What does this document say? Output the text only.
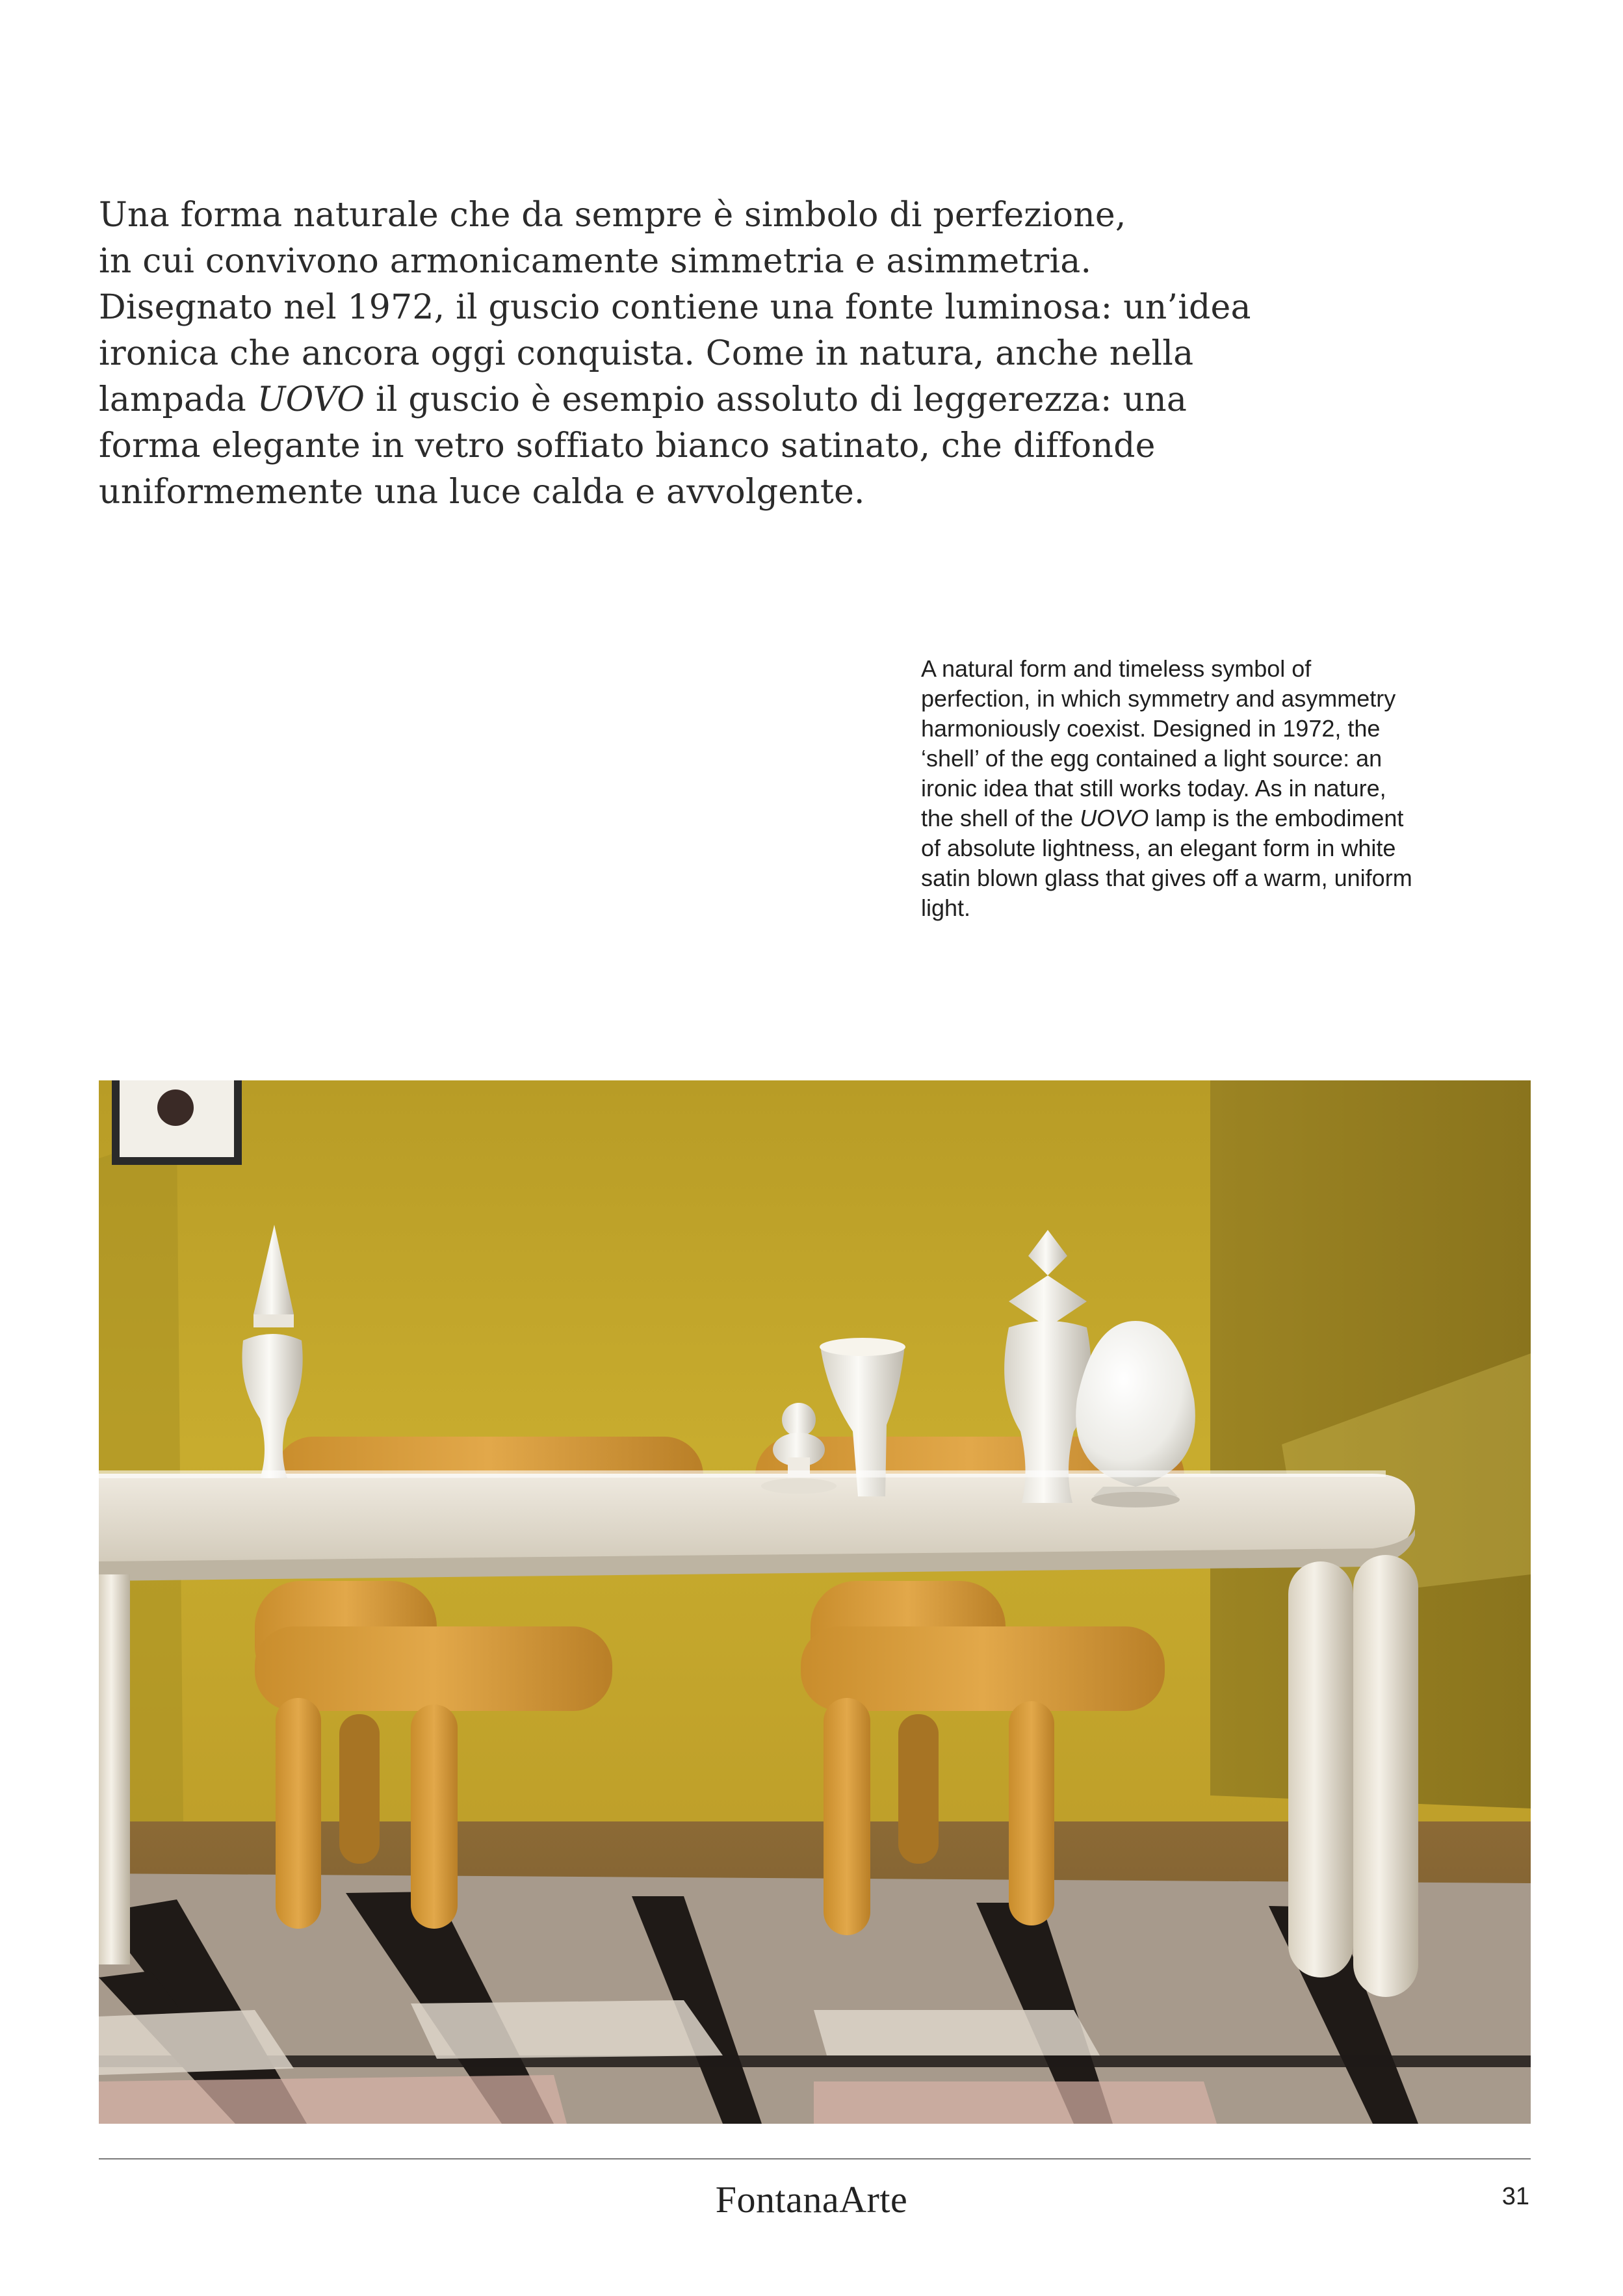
Una forma naturale che da sempre è simbolo di perfezione,
in cui convivono armonicamente simmetria e asimmetria.
Disegnato nel 1972, il guscio contiene una fonte luminosa: un’idea
ironica che ancora oggi conquista. Come in natura, anche nella
lampada UOVO il guscio è esempio assoluto di leggerezza: una
forma elegante in vetro soffiato bianco satinato, che diffonde
uniformemente una luce calda e avvolgente.
A natural form and timeless symbol of
perfection, in which symmetry and asymmetry
harmoniously coexist. Designed in 1972, the
‘shell’ of the egg contained a light source: an
ironic idea that still works today. As in nature,
the shell of the UOVO lamp is the embodiment
of absolute lightness, an elegant form in white
satin blown glass that gives off a warm, uniform
light.
FontanaArte	31
